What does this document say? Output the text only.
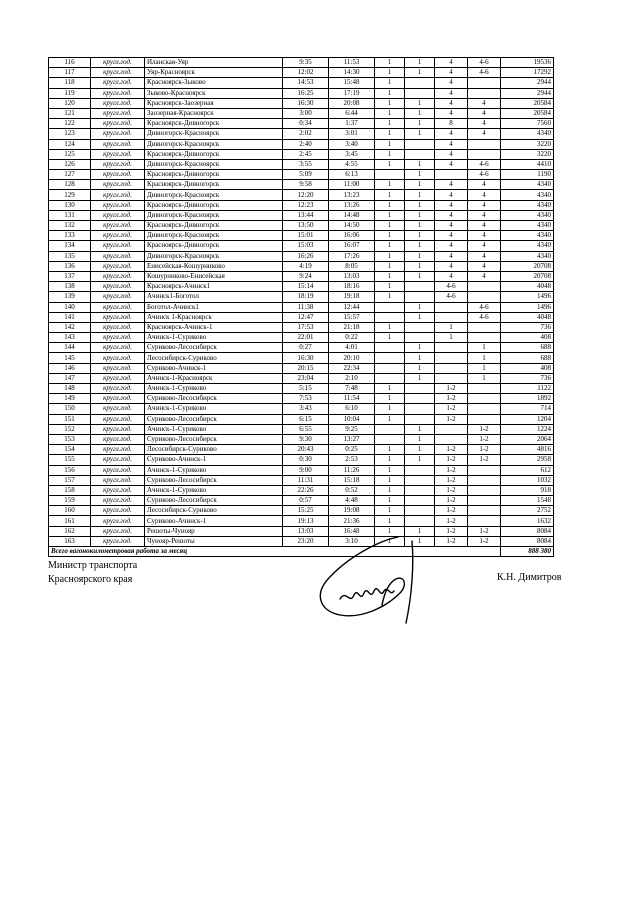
116	кругл.год.	Иланская-Уяр	9:35	11:53	1	1	4	4-6	19536
117	кругл.год.	Уяр-Красноярск	12:02	14:30	1	1	4	4-6	17292
118	кругл.год.	Красноярск-Зыково	14:53	15:48	1		4		2944
119	кругл.год.	Зыково-Красноярск	16:25	17:19	1		4		2944
120	кругл.год.	Красноярск-Заозерная	16:30	20:08	1	1	4	4	20584
121	кругл.год.	Заозерная-Красноярск	3:00	6:44	1	1	4	4	20584
122	кругл.год.	Красноярск-Дивногорск	0:34	1:37	1	1	8	4	7560
123	кругл.год.	Дивногорск-Красноярск	2:02	3:01	1	1	4	4	4340
124	кругл.год.	Дивногорск-Красноярск	2:40	3:40	1		4		3220
125	кругл.год.	Красноярск-Дивногорск	2:45	3:45	1		4		3220
126	кругл.год.	Дивногорск-Красноярск	3:55	4:55	1	1	4	4-6	4410
127	кругл.год.	Красноярск-Дивногорск	5:09	6:13		1		4-6	1190
128	кругл.год.	Красноярск-Дивногорск	9:58	11:00	1	1	4	4	4340
129	кругл.год.	Дивногорск-Красноярск	12:20	13:23	1	1	4	4	4340
130	кругл.год.	Красноярск-Дивногорск	12:23	13:26	1	1	4	4	4340
131	кругл.год.	Дивногорск-Красноярск	13:44	14:48	1	1	4	4	4340
132	кругл.год.	Красноярск-Дивногорск	13:50	14:50	1	1	4	4	4340
133	кругл.год.	Дивногорск-Красноярск	15:01	16:06	1	1	4	4	4340
134	кругл.год.	Красноярск-Дивногорск	15:03	16:07	1	1	4	4	4340
135	кругл.год.	Дивногорск-Красноярск	16:26	17:26	1	1	4	4	4340
136	кругл.год.	Енисейская-Кошурниково	4:19	8:05	1	1	4	4	20708
137	кругл.год.	Кошурниково-Енисейская	9:24	13:03	1	1	4	4	20708
138	кругл.год.	Красноярск-Ачинск1	15:14	18:16	1		4-6		4048
139	кругл.год.	Ачинск1-Боготол	18:19	19:18	1		4-6		1496
140	кругл.год.	Боготол-Ачинск1	11:38	12:44		1		4-6	1496
141	кругл.год.	Ачинск 1-Красноярск	12:47	15:57		1		4-6	4048
142	кругл.год.	Красноярск-Ачинск-1	17:53	21:18	1		1		736
143	кругл.год.	Ачинск-1-Суриково	22:01	0:22	1		1		408
144	кругл.год.	Суриково-Лесосибирск	0:27	4:01		1		1	688
145	кругл.год.	Лесосибирск-Суриково	16:30	20:10		1		1	688
146	кругл.год.	Суриково-Ачинск-1	20:15	22:34		1		1	408
147	кругл.год.	Ачинск-1-Красноярск	23:04	2:10		1		1	736
148	кругл.год.	Ачинск-1-Суриково	5:15	7:48	1		1-2		1122
149	кругл.год.	Суриково-Лесосибирск	7:53	11:54	1		1-2		1892
150	кругл.год.	Ачинск-1-Суриково	3:43	6:10	1		1-2		714
151	кругл.год.	Суриково-Лесосибирск	6:15	10:04	1		1-2		1204
152	кругл.год.	Ачинск-1-Суриково	6:55	9:25		1		1-2	1224
153	кругл.год.	Суриково-Лесосибирск	9:30	13:27		1		1-2	2064
154	кругл.год.	Лесосибирск-Суриково	20:43	0:25	1	1	1-2	1-2	4816
155	кругл.год.	Суриково-Ачинск-1	0:30	2:53	1	1	1-2	1-2	2958
156	кругл.год.	Ачинск-1-Суриково	9:00	11:26	1		1-2		612
157	кругл.год.	Суриково-Лесосибирск	11:31	15:18	1		1-2		1032
158	кругл.год.	Ачинск-1-Суриково	22:26	0:52	1		1-2		918
159	кругл.год.	Суриково-Лесосибирск	0:57	4:48	1		1-2		1548
160	кругл.год.	Лесосибирск-Суриково	15:25	19:08	1		1-2		2752
161	кругл.год.	Суриково-Ачинск-1	19:13	21:36	1		1-2		1632
162	кругл.год.	Решоты-Чунояр	13:03	16:48	1	1	1-2	1-2	8084
163	кругл.год.	Чунояр-Решоты	23:20	3:10	1	1	1-2	1-2	8084
Всего вагонокилометровая работа за месяц									888 380
Министр транспорта
Красноярского края	К.Н. Димитров
